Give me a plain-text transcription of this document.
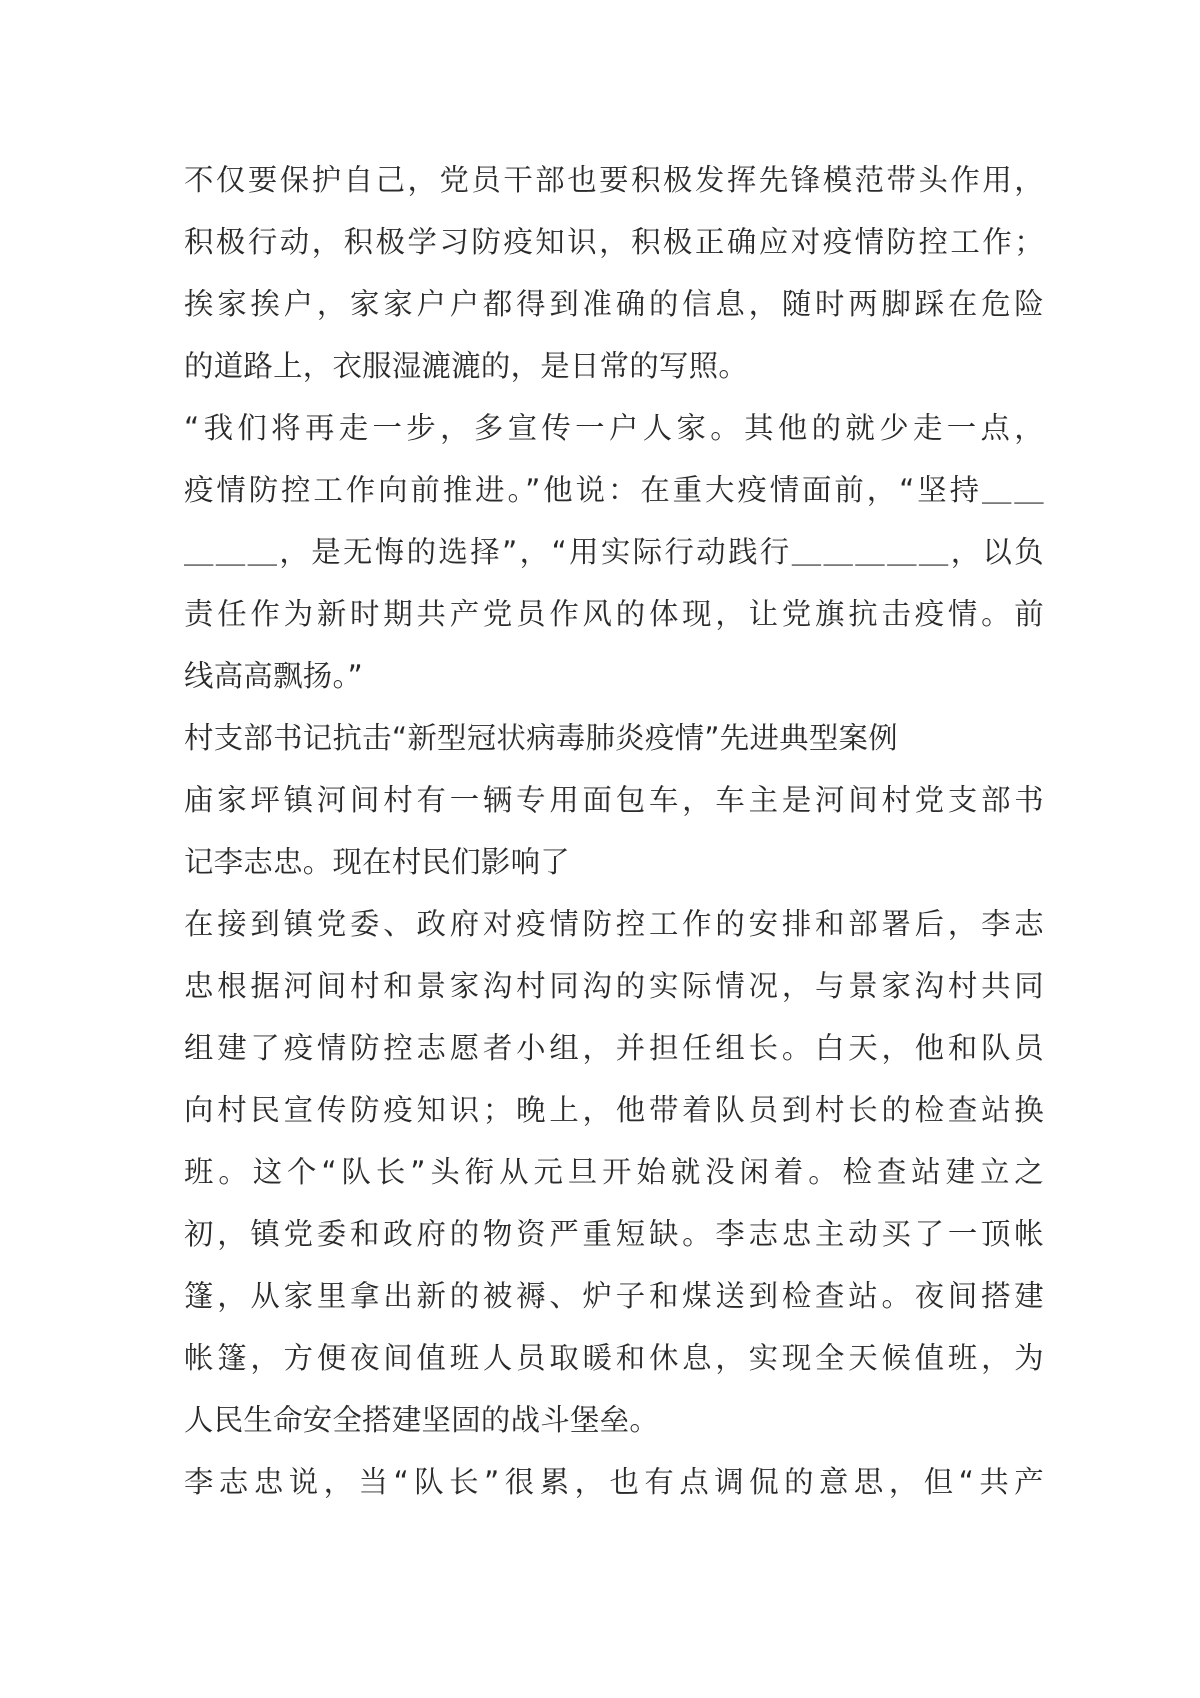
不仅要保护自己，党员干部也要积极发挥先锋模范带头作用，
积极行动，积极学习防疫知识，积极正确应对疫情防控工作；
挨家挨户，家家户户都得到准确的信息，随时两脚踩在危险
的道路上，衣服湿漉漉的，是日常的写照。
“我们将再走一步，多宣传一户人家。其他的就少走一点，
疫情防控工作向前推进。”他说：在重大疫情面前，“坚持＿＿
＿＿＿，是无悔的选择”，“用实际行动践行＿＿＿＿＿，以负
责任作为新时期共产党员作风的体现，让党旗抗击疫情。前
线高高飘扬。”
村支部书记抗击“新型冠状病毒肺炎疫情”先进典型案例
庙家坪镇河间村有一辆专用面包车，车主是河间村党支部书
记李志忠。现在村民们影响了
在接到镇党委、政府对疫情防控工作的安排和部署后，李志
忠根据河间村和景家沟村同沟的实际情况，与景家沟村共同
组建了疫情防控志愿者小组，并担任组长。白天，他和队员
向村民宣传防疫知识；晚上，他带着队员到村长的检查站换
班。这个“队长”头衔从元旦开始就没闲着。检查站建立之
初，镇党委和政府的物资严重短缺。李志忠主动买了一顶帐
篷，从家里拿出新的被褥、炉子和煤送到检查站。夜间搭建
帐篷，方便夜间值班人员取暖和休息，实现全天候值班，为
人民生命安全搭建坚固的战斗堡垒。
李志忠说，当“队长”很累，也有点调侃的意思，但“共产
